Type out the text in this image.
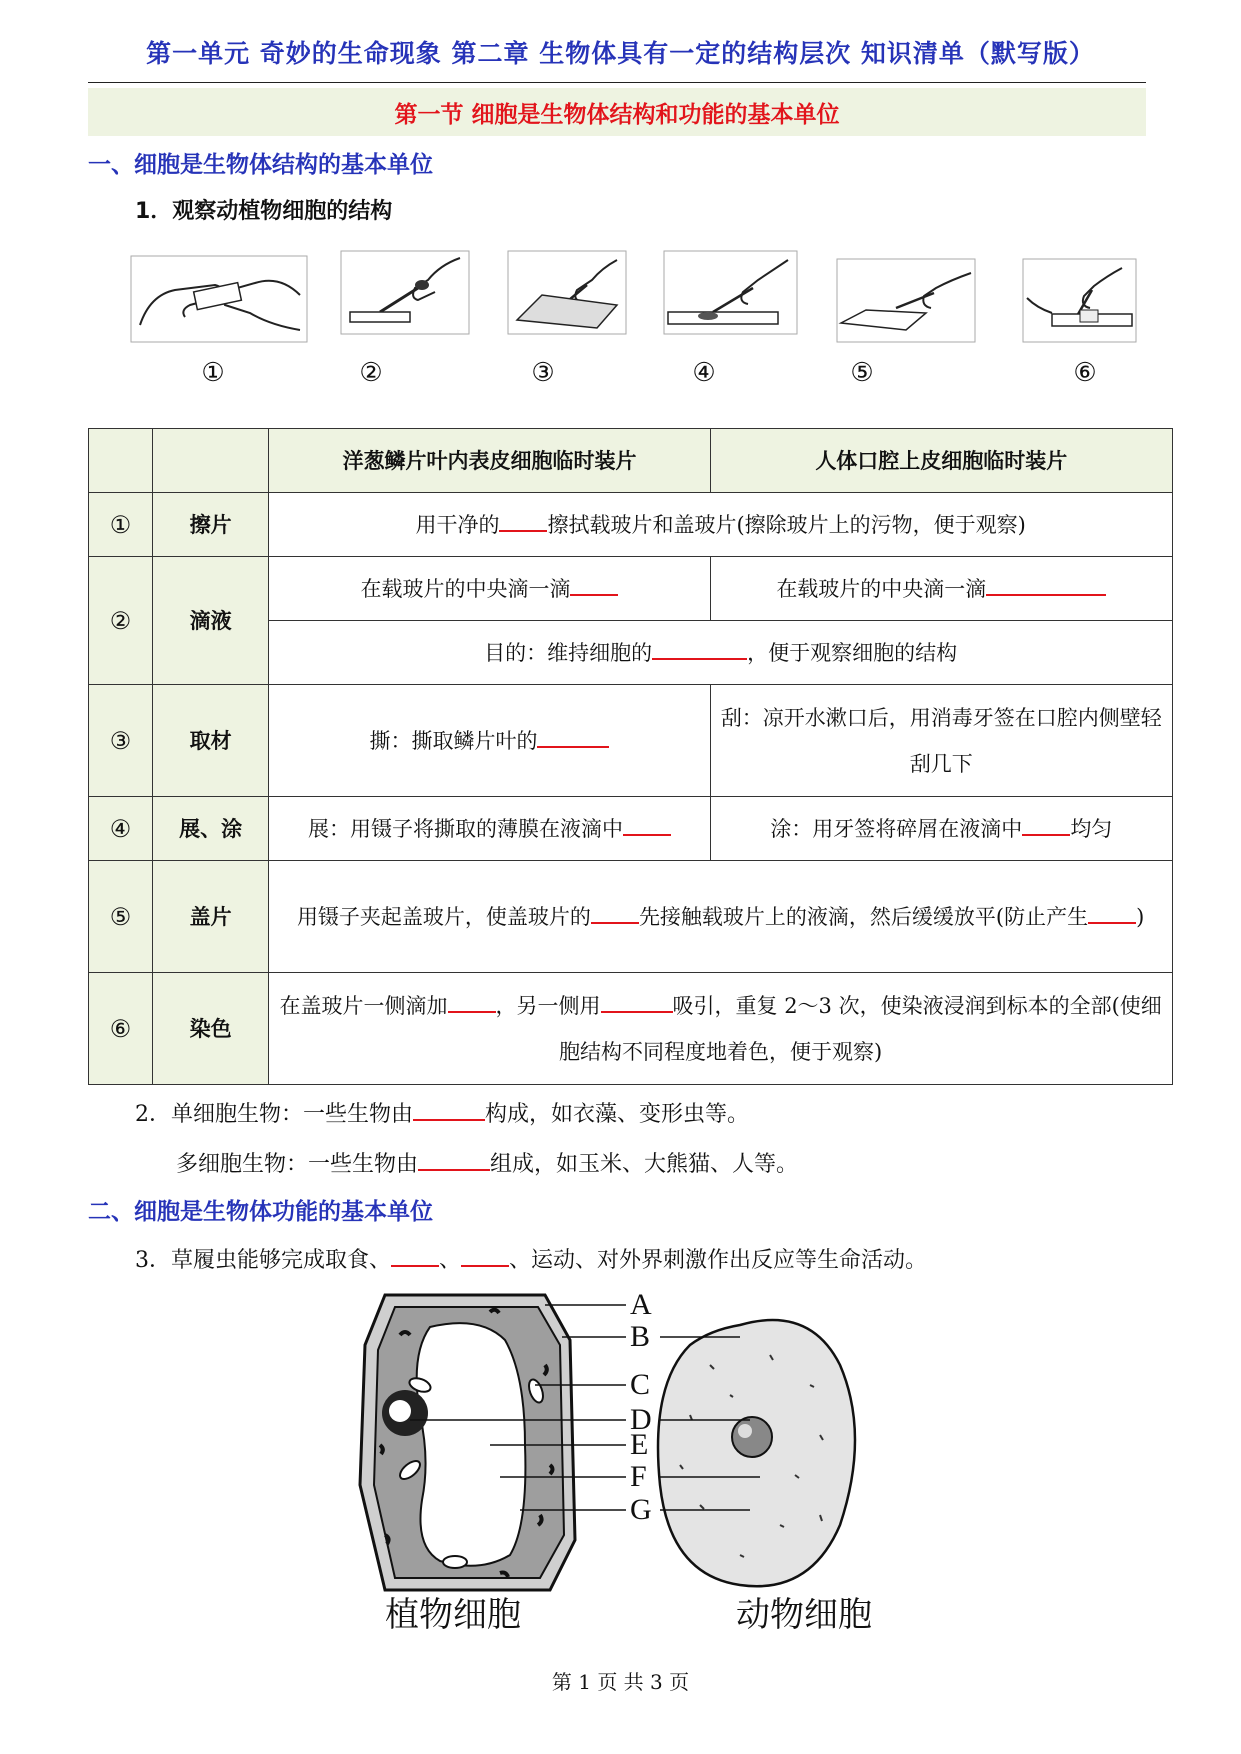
第一单元 奇妙的生命现象 第二章 生物体具有一定的结构层次 知识清单（默写版）
第一节 细胞是生物体结构和功能的基本单位
一、细胞是生物体结构的基本单位
1．观察动植物细胞的结构
①	②	③	④	⑤	⑥
		洋葱鳞片叶内表皮细胞临时装片	人体口腔上皮细胞临时装片
①	擦片	用干净的 擦拭载玻片和盖玻片(擦除玻片上的污物，便于观察)	
②	滴液	在载玻片的中央滴一滴	在载玻片的中央滴一滴
		目的：维持细胞的 ，便于观察细胞的结构	
③	取材	撕：撕取鳞片叶的	刮：凉开水漱口后，用消毒牙签在口腔内侧壁轻刮几下
④	展、涂	展：用镊子将撕取的薄膜在液滴中	涂：用牙签将碎屑在液滴中 均匀
⑤	盖片	用镊子夹起盖玻片，使盖玻片的 先接触载玻片上的液滴，然后缓缓放平(防止产生 )	
⑥	染色	在盖玻片一侧滴加 ，另一侧用 吸引，重复 2～3 次，使染液浸润到标本的全部(使细胞结构不同程度地着色，便于观察)	
2．单细胞生物：一些生物由	构成，如衣藻、变形虫等。
多细胞生物：一些生物由	组成，如玉米、大熊猫、人等。
二、细胞是生物体功能的基本单位
3．草履虫能够完成取食、 、 、运动、对外界刺激作出反应等生命活动。
A
B
C
D
E
F
G
植物细胞	动物细胞
第 1 页 共 3 页
